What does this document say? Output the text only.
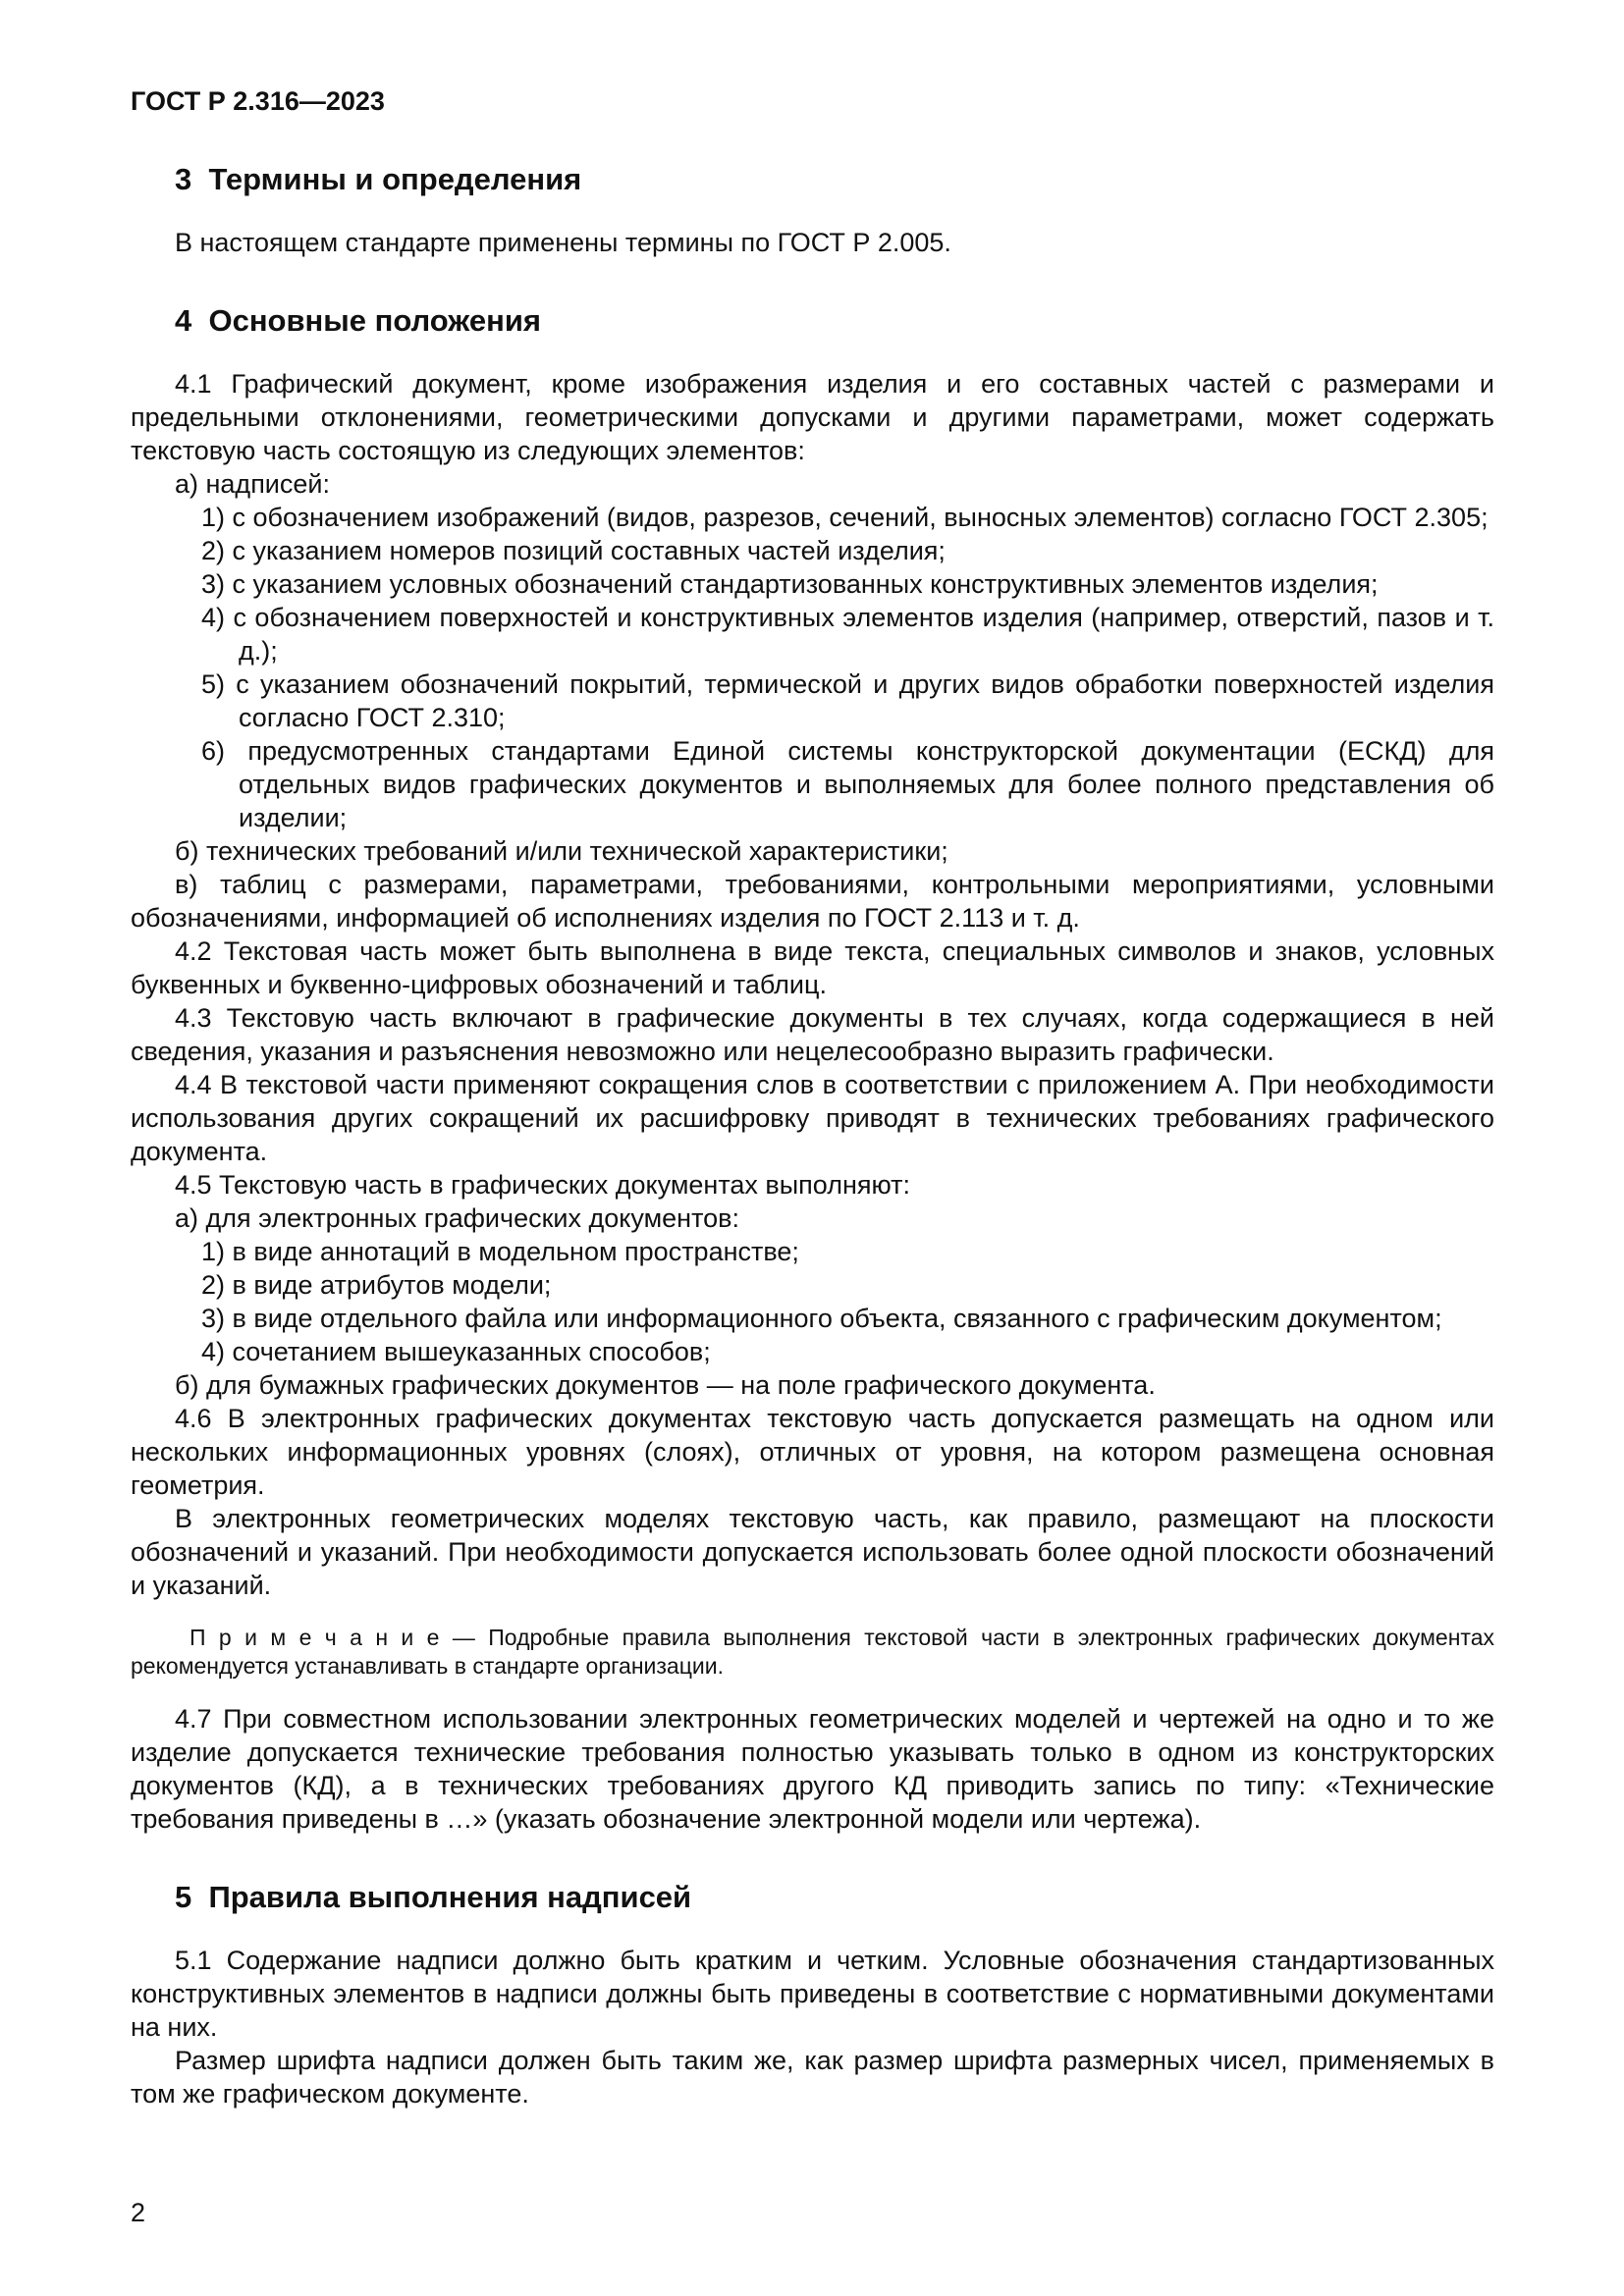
ГОСТ Р 2.316—2023
3  Термины и определения

В настоящем стандарте применены термины по ГОСТ Р 2.005.

4  Основные положения

4.1 Графический документ, кроме изображения изделия и его составных частей с размерами и предельными отклонениями, геометрическими допусками и другими параметрами, может содержать текстовую часть состоящую из следующих элементов:

а) надписей:

1) с обозначением изображений (видов, разрезов, сечений, выносных элементов) согласно ГОСТ 2.305;

2) с указанием номеров позиций составных частей изделия;

3) с указанием условных обозначений стандартизованных конструктивных элементов изделия;

4) с обозначением поверхностей и конструктивных элементов изделия (например, отверстий, пазов и т. д.);

5) с указанием обозначений покрытий, термической и других видов обработки поверхностей изделия согласно ГОСТ 2.310;

6) предусмотренных стандартами Единой системы конструкторской документации (ЕСКД) для отдельных видов графических документов и выполняемых для более полного представления об изделии;

б) технических требований и/или технической характеристики;

в) таблиц с размерами, параметрами, требованиями, контрольными мероприятиями, условными обозначениями, информацией об исполнениях изделия по ГОСТ 2.113 и т. д.

4.2 Текстовая часть может быть выполнена в виде текста, специальных символов и знаков, условных буквенных и буквенно-цифровых обозначений и таблиц.

4.3 Текстовую часть включают в графические документы в тех случаях, когда содержащиеся в ней сведения, указания и разъяснения невозможно или нецелесообразно выразить графически.

4.4 В текстовой части применяют сокращения слов в соответствии с приложением А. При необходимости использования других сокращений их расшифровку приводят в технических требованиях графического документа.

4.5 Текстовую часть в графических документах выполняют:

а) для электронных графических документов:

1) в виде аннотаций в модельном пространстве;

2) в виде атрибутов модели;

3) в виде отдельного файла или информационного объекта, связанного с графическим документом;

4) сочетанием вышеуказанных способов;

б) для бумажных графических документов — на поле графического документа.

4.6 В электронных графических документах текстовую часть допускается размещать на одном или нескольких информационных уровнях (слоях), отличных от уровня, на котором размещена основная геометрия.

В электронных геометрических моделях текстовую часть, как правило, размещают на плоскости обозначений и указаний. При необходимости допускается использовать более одной плоскости обозначений и указаний.

П р и м е ч а н и е — Подробные правила выполнения текстовой части в электронных графических документах рекомендуется устанавливать в стандарте организации.

4.7 При совместном использовании электронных геометрических моделей и чертежей на одно и то же изделие допускается технические требования полностью указывать только в одном из конструкторских документов (КД), а в технических требованиях другого КД приводить запись по типу: «Технические требования приведены в …» (указать обозначение электронной модели или чертежа).

5  Правила выполнения надписей

5.1 Содержание надписи должно быть кратким и четким. Условные обозначения стандартизованных конструктивных элементов в надписи должны быть приведены в соответствие с нормативными документами на них.

Размер шрифта надписи должен быть таким же, как размер шрифта размерных чисел, применяемых в том же графическом документе.

2
